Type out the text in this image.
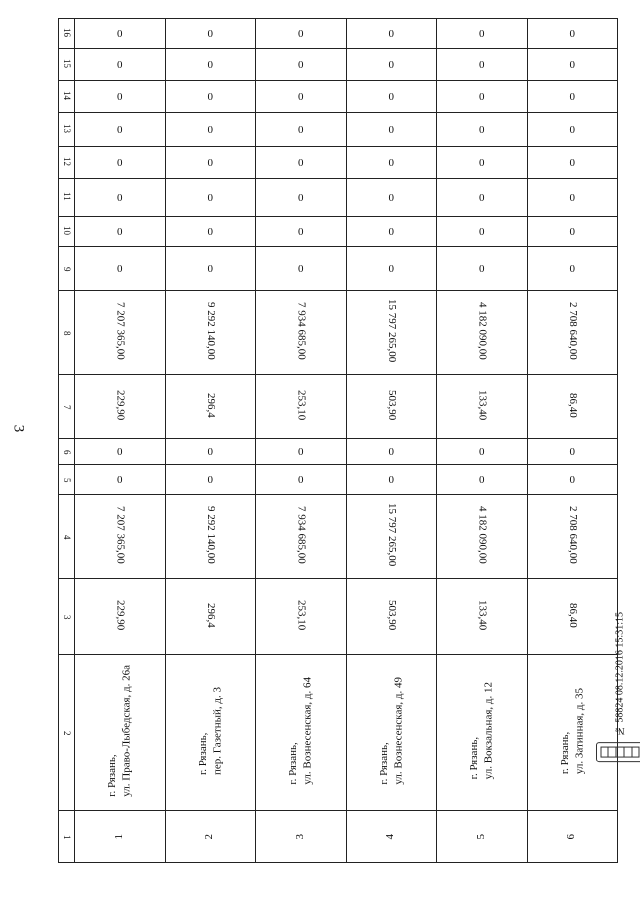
3
16	0	0	0	0	0	0
15	0	0	0	0	0	0
14	0	0	0	0	0	0
13	0	0	0	0	0	0
12	0	0	0	0	0	0
11	0	0	0	0	0	0
10	0	0	0	0	0	0
9	0	0	0	0	0	0
8	7 207 365,00	9 292 140,00	7 934 685,00	15 797 265,00	4 182 090,00	2 708 640,00
7	229,90	296,4	253,10	503,90	133,40	86,40
6	0	0	0	0	0	0
5	0	0	0	0	0	0
4	7 207 365,00	9 292 140,00	7 934 685,00	15 797 265,00	4 182 090,00	2 708 640,00
3	229,90	296,4	253,10	503,90	133,40	86,40
2	г. Рязань, ул. Право-Лыбедская, д. 26а	г. Рязань, пер. Газетный, д. 3	г. Рязань, ул. Вознесенская, д. 64	г. Рязань, ул. Вознесенская, д. 49	г. Рязань, ул. Вокзальная, д. 12	г. Рязань, ул. Затинная, д. 35

1	1	2	3	4	5	6
№ 58824 08.12.2016 15:31:15
